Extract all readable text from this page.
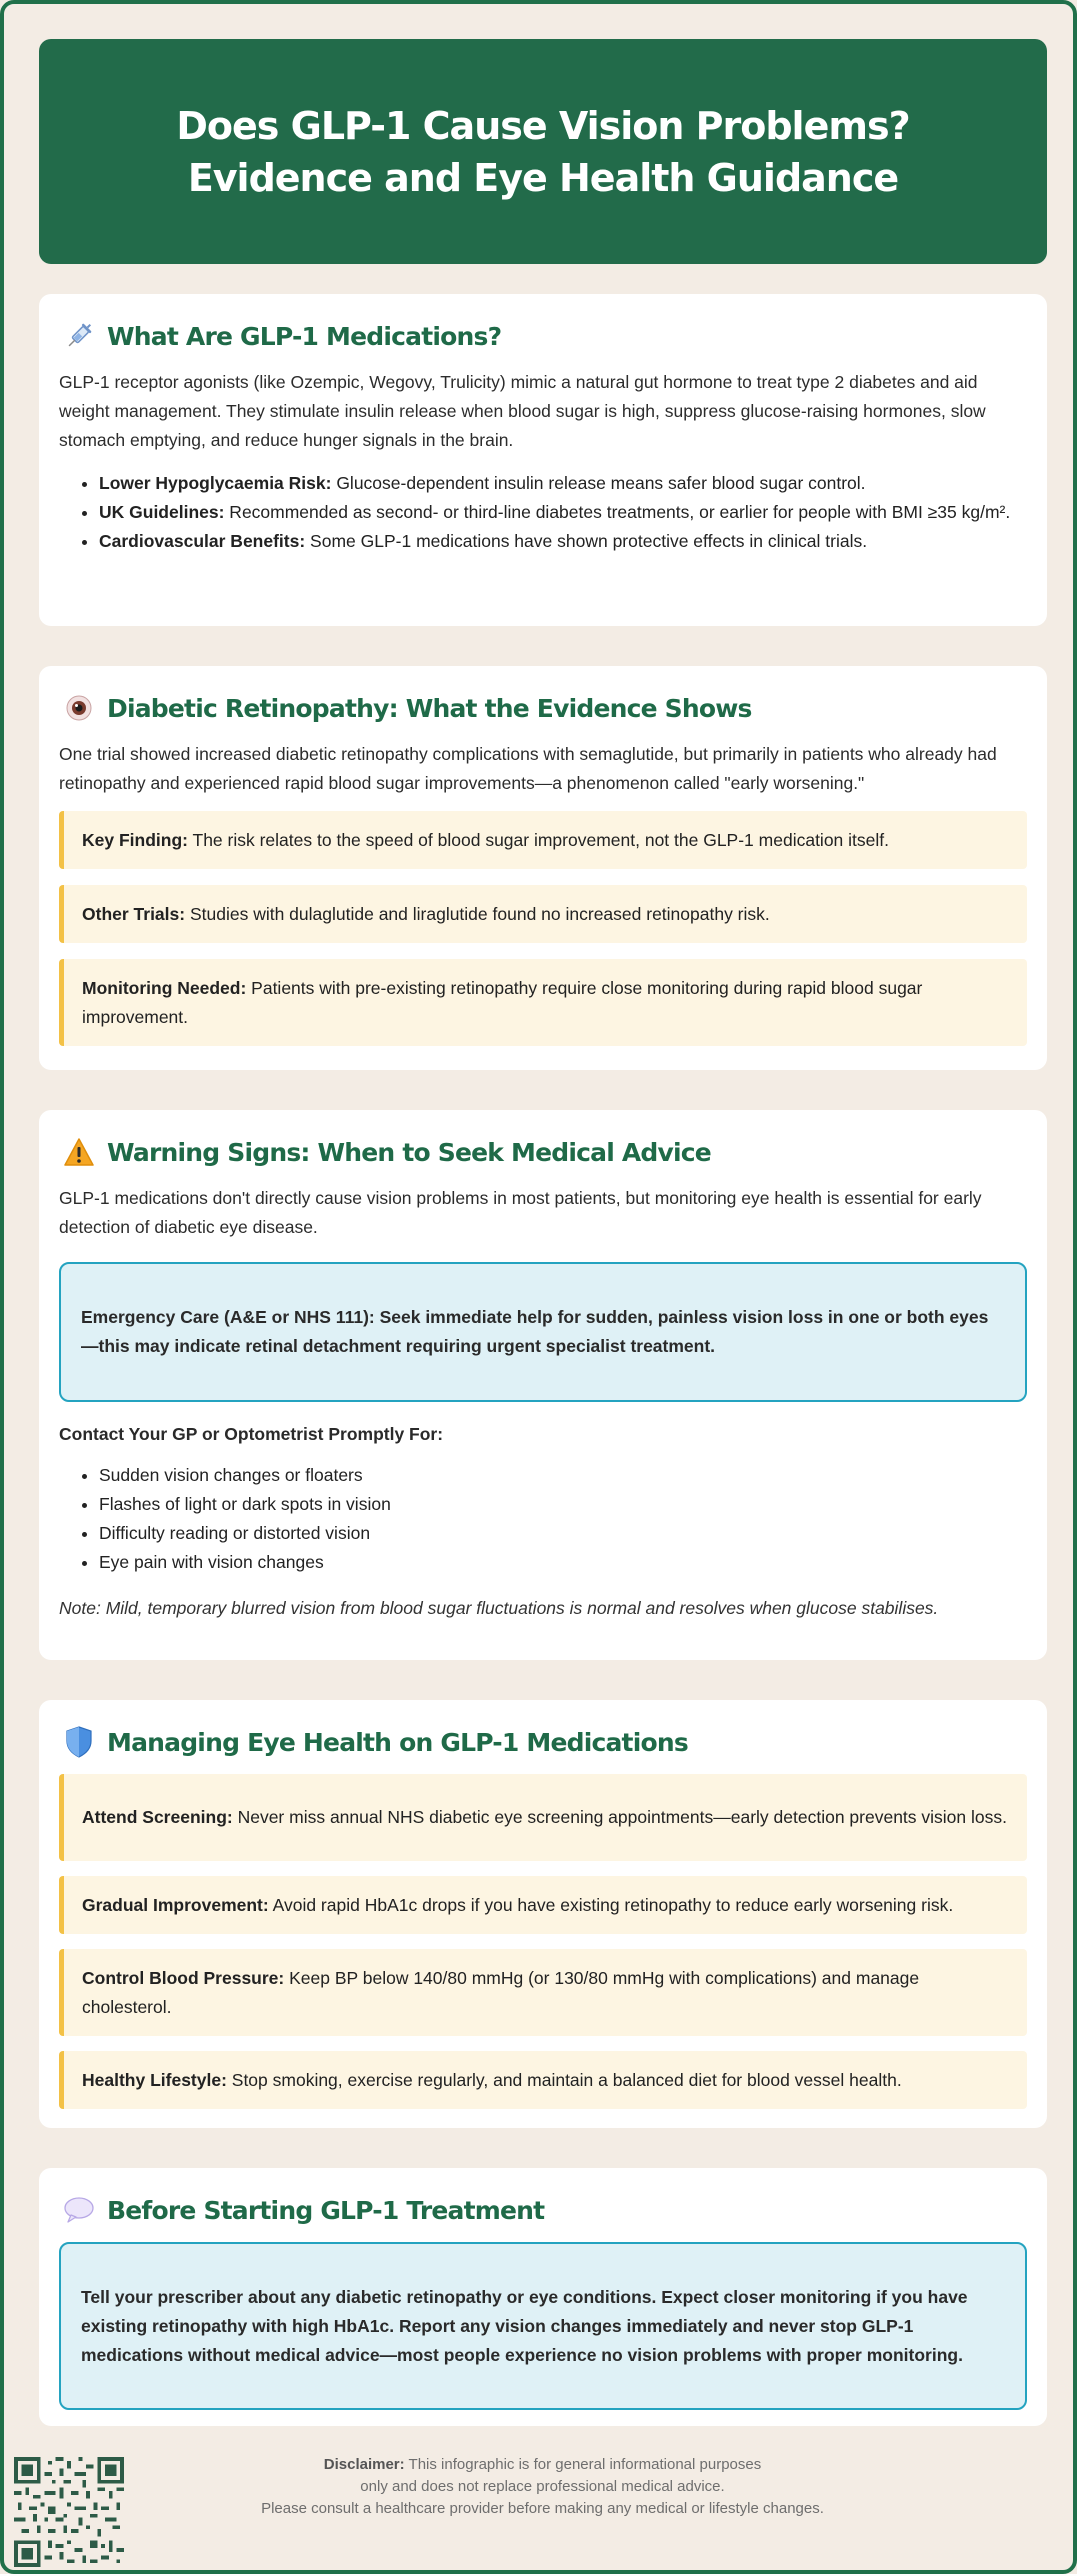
Does GLP-1 Cause Vision Problems? Evidence and Eye Health Guidance
What Are GLP-1 Medications?

GLP-1 receptor agonists (like Ozempic, Wegovy, Trulicity) mimic a natural gut hormone to treat type 2 diabetes and aid weight management. They stimulate insulin release when blood sugar is high, suppress glucose-raising hormones, slow stomach emptying, and reduce hunger signals in the brain.

• Lower Hypoglycaemia Risk: Glucose-dependent insulin release means safer blood sugar control.
• UK Guidelines: Recommended as second- or third-line diabetes treatments, or earlier for people with BMI ≥35 kg/m².
• Cardiovascular Benefits: Some GLP-1 medications have shown protective effects in clinical trials.
Diabetic Retinopathy: What the Evidence Shows

One trial showed increased diabetic retinopathy complications with semaglutide, but primarily in patients who already had retinopathy and experienced rapid blood sugar improvements—a phenomenon called "early worsening."

Key Finding: The risk relates to the speed of blood sugar improvement, not the GLP-1 medication itself.
Other Trials: Studies with dulaglutide and liraglutide found no increased retinopathy risk.
Monitoring Needed: Patients with pre-existing retinopathy require close monitoring during rapid blood sugar improvement.
Warning Signs: When to Seek Medical Advice

GLP-1 medications don't directly cause vision problems in most patients, but monitoring eye health is essential for early detection of diabetic eye disease.

Emergency Care (A&E or NHS 111): Seek immediate help for sudden, painless vision loss in one or both eyes—this may indicate retinal detachment requiring urgent specialist treatment.
Contact Your GP or Optometrist Promptly For:
• Sudden vision changes or floaters
• Flashes of light or dark spots in vision
• Difficulty reading or distorted vision
• Eye pain with vision changes
Note: Mild, temporary blurred vision from blood sugar fluctuations is normal and resolves when glucose stabilises.
Managing Eye Health on GLP-1 Medications
Attend Screening: Never miss annual NHS diabetic eye screening appointments—early detection prevents vision loss.
Gradual Improvement: Avoid rapid HbA1c drops if you have existing retinopathy to reduce early worsening risk.
Control Blood Pressure: Keep BP below 140/80 mmHg (or 130/80 mmHg with complications) and manage cholesterol.
Healthy Lifestyle: Stop smoking, exercise regularly, and maintain a balanced diet for blood vessel health.
Before Starting GLP-1 Treatment
Tell your prescriber about any diabetic retinopathy or eye conditions. Expect closer monitoring if you have existing retinopathy with high HbA1c. Report any vision changes immediately and never stop GLP-1 medications without medical advice—most people experience no vision problems with proper monitoring.
Disclaimer: This infographic is for general informational purposes
only and does not replace professional medical advice.
Please consult a healthcare provider before making any medical or lifestyle changes.
